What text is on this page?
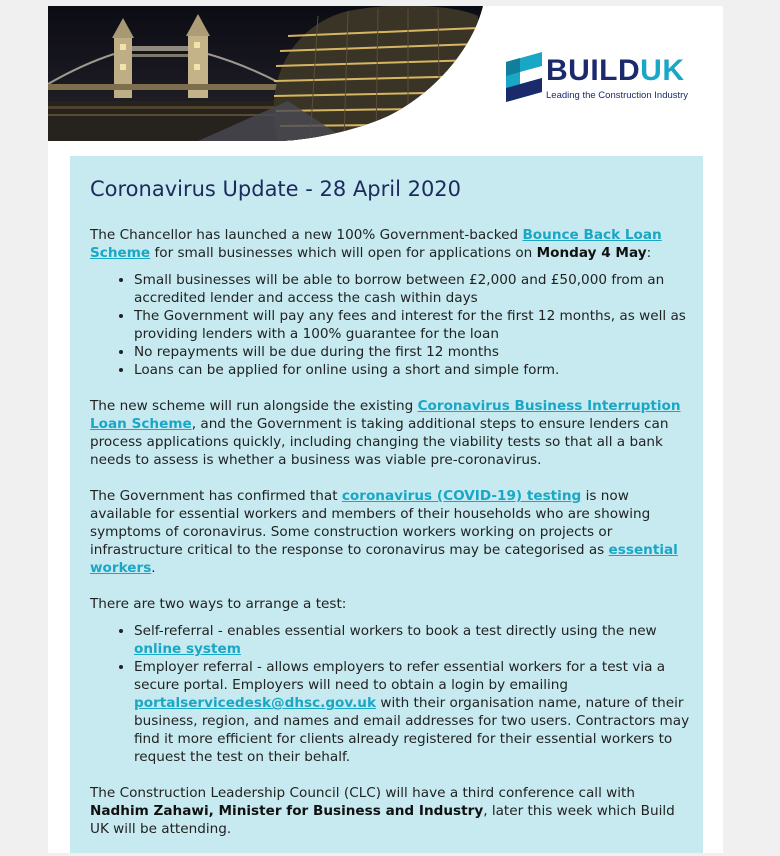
BUILDUK
Leading the Construction Industry
Coronavirus Update - 28 April 2020

The Chancellor has launched a new 100% Government-backed Bounce Back Loan Scheme for small businesses which will open for applications on Monday 4 May:

• Small businesses will be able to borrow between £2,000 and £50,000 from an accredited lender and access the cash within days
• The Government will pay any fees and interest for the first 12 months, as well as providing lenders with a 100% guarantee for the loan
• No repayments will be due during the first 12 months
• Loans can be applied for online using a short and simple form.

The new scheme will run alongside the existing Coronavirus Business Interruption Loan Scheme, and the Government is taking additional steps to ensure lenders can process applications quickly, including changing the viability tests so that all a bank needs to assess is whether a business was viable pre-coronavirus.

The Government has confirmed that coronavirus (COVID-19) testing is now available for essential workers and members of their households who are showing symptoms of coronavirus. Some construction workers working on projects or infrastructure critical to the response to coronavirus may be categorised as essential workers.

There are two ways to arrange a test:

• Self-referral - enables essential workers to book a test directly using the new online system
• Employer referral - allows employers to refer essential workers for a test via a secure portal. Employers will need to obtain a login by emailing portalservicedesk@dhsc.gov.uk with their organisation name, nature of their business, region, and names and email addresses for two users. Contractors may find it more efficient for clients already registered for their essential workers to request the test on their behalf.

The Construction Leadership Council (CLC) will have a third conference call with Nadhim Zahawi, Minister for Business and Industry, later this week which Build UK will be attending.
